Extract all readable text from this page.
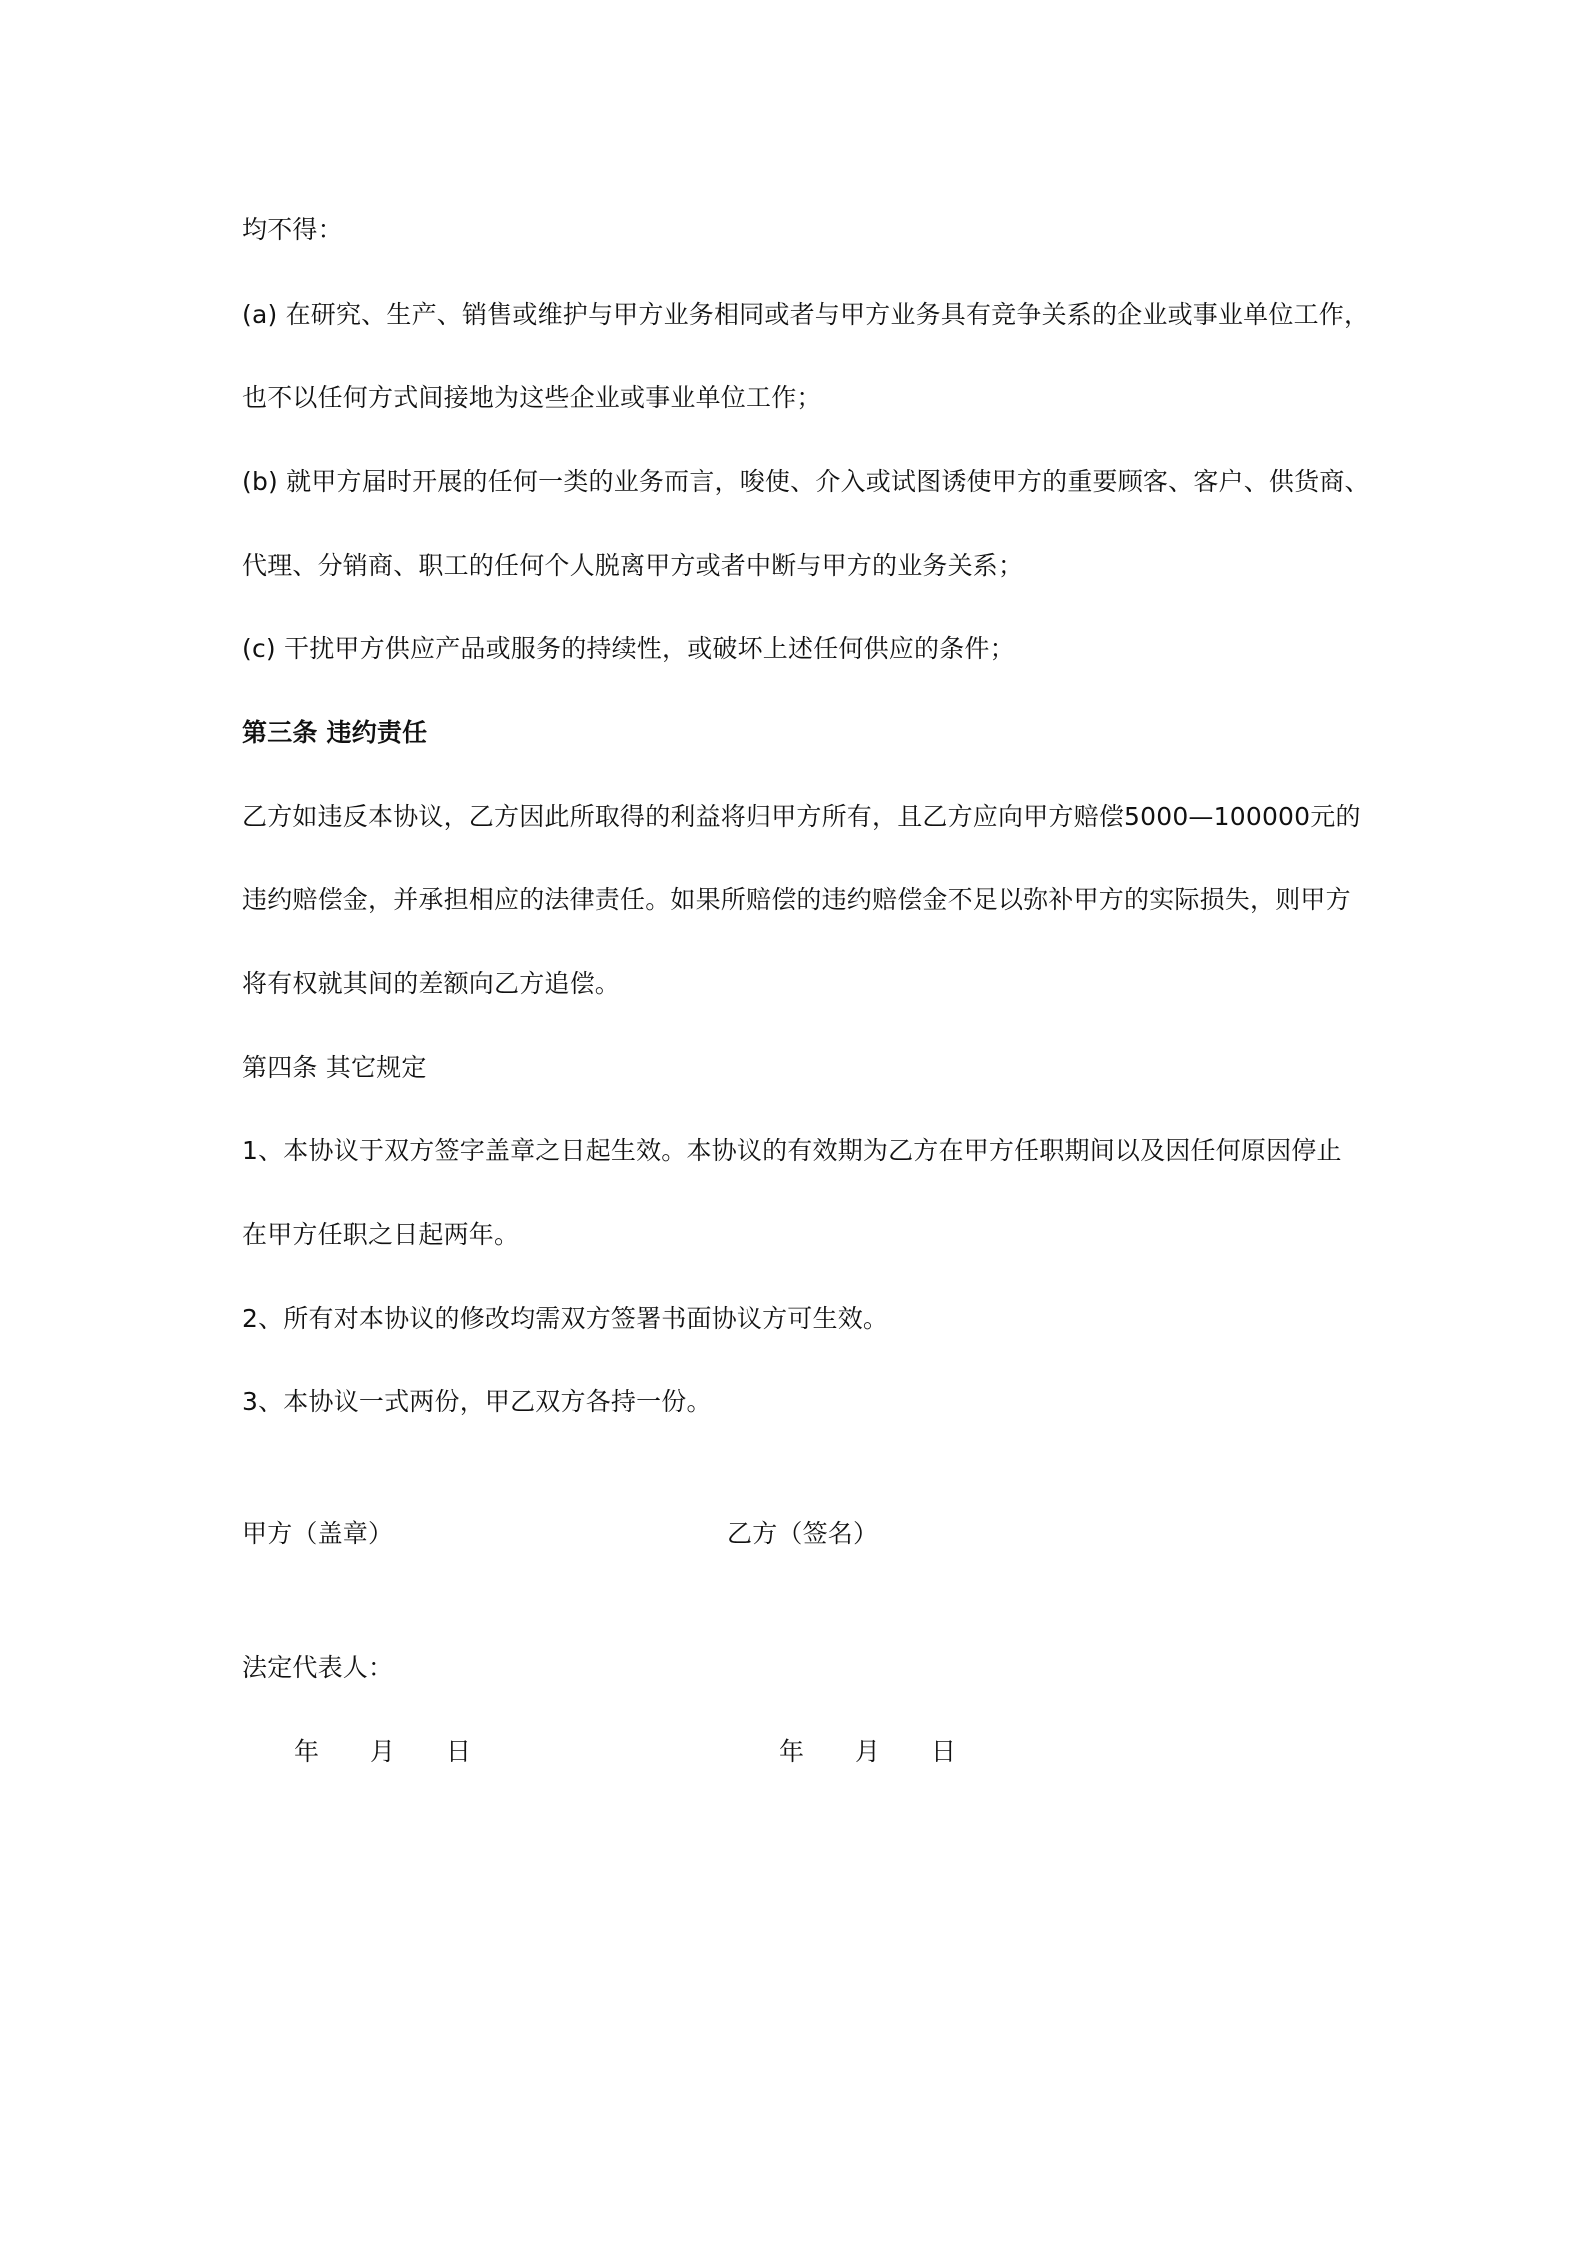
均不得：
(a) 在研究、生产、销售或维护与甲方业务相同或者与甲方业务具有竞争关系的企业或事业单位工作，
也不以任何方式间接地为这些企业或事业单位工作；
(b) 就甲方届时开展的任何一类的业务而言，唆使、介入或试图诱使甲方的重要顾客、客户、供货商、
代理、分销商、职工的任何个人脱离甲方或者中断与甲方的业务关系；
(c) 干扰甲方供应产品或服务的持续性，或破坏上述任何供应的条件；
第三条 违约责任
乙方如违反本协议，乙方因此所取得的利益将归甲方所有，且乙方应向甲方赔偿5000—100000元的
违约赔偿金，并承担相应的法律责任。如果所赔偿的违约赔偿金不足以弥补甲方的实际损失，则甲方
将有权就其间的差额向乙方追偿。
第四条 其它规定
1、本协议于双方签字盖章之日起生效。本协议的有效期为乙方在甲方任职期间以及因任何原因停止
在甲方任职之日起两年。
2、所有对本协议的修改均需双方签署书面协议方可生效。
3、本协议一式两份，甲乙双方各持一份。
甲方（盖章）	乙方（签名）
法定代表人：
年 月 日	年 月 日
